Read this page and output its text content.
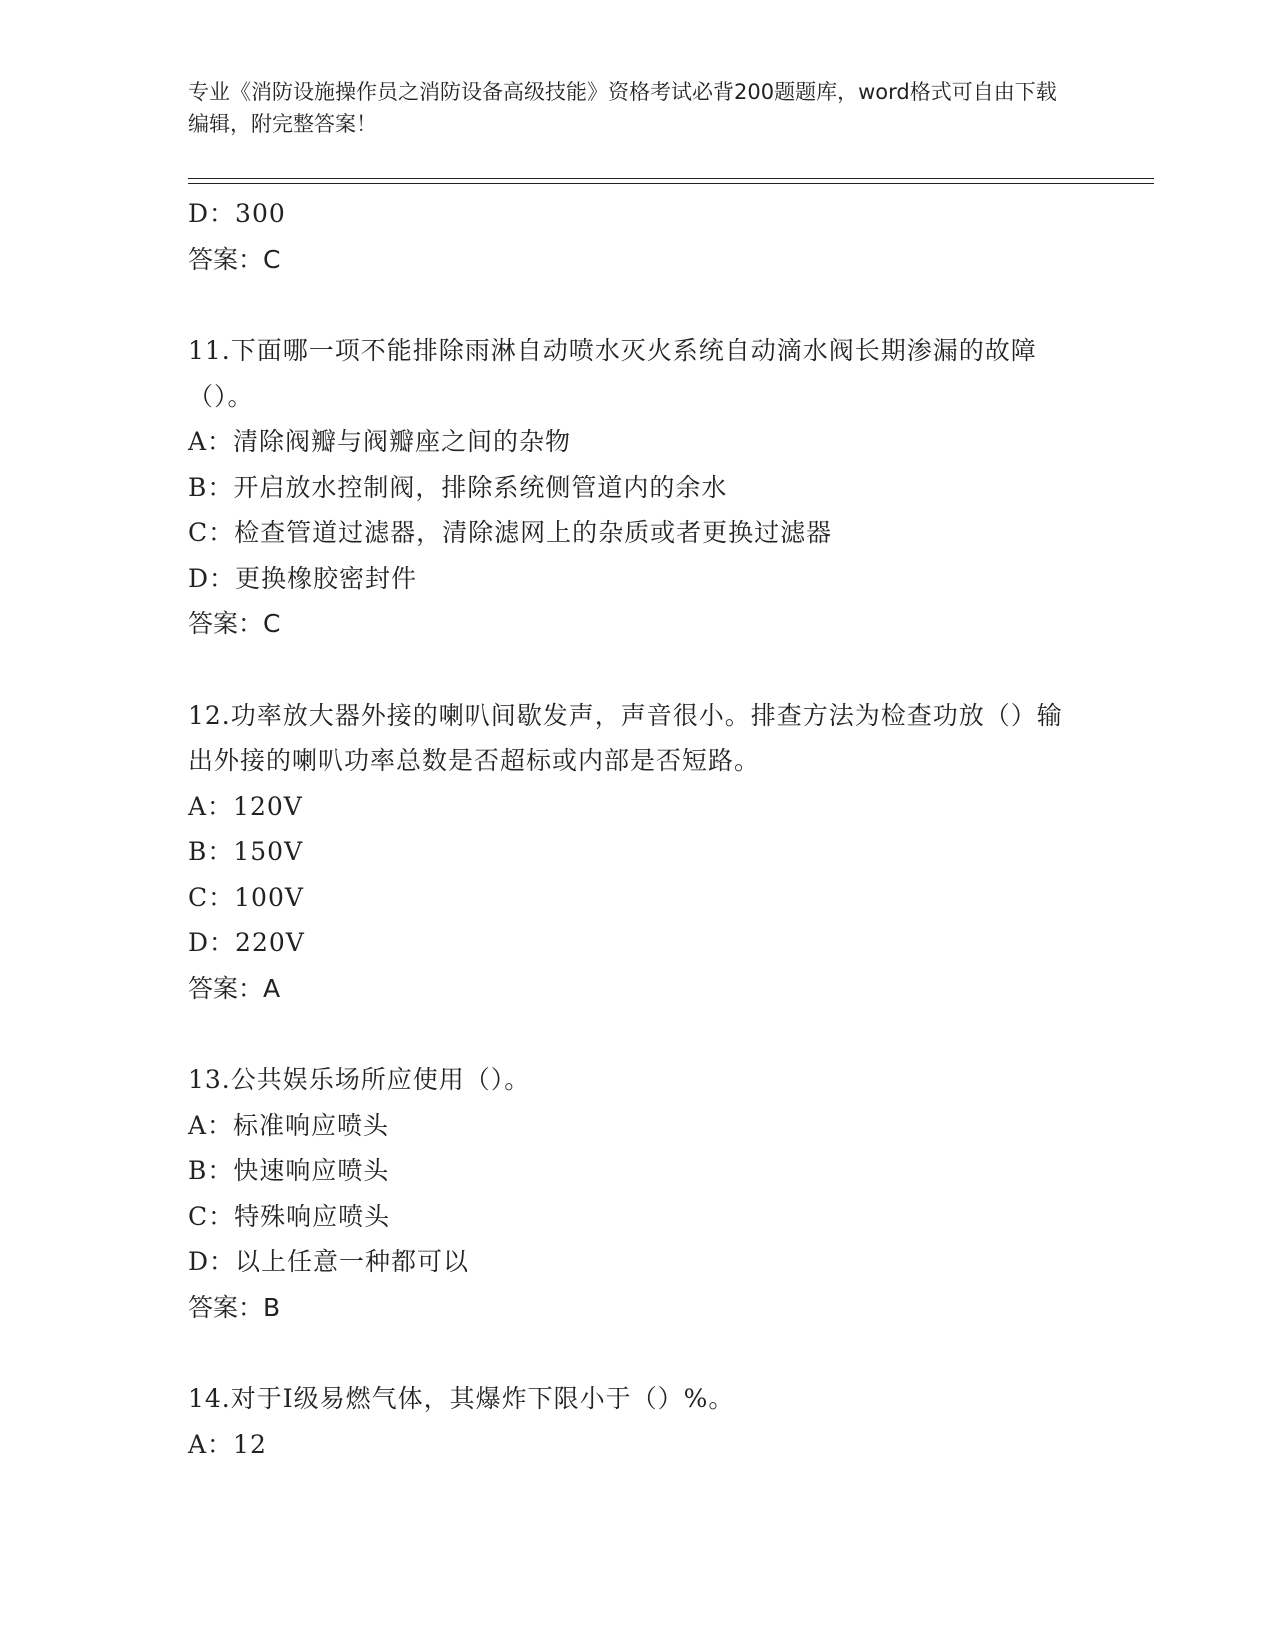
专业《消防设施操作员之消防设备高级技能》资格考试必背200题题库，word格式可自由下载编辑，附完整答案！
D：300
答案：C
11.下面哪一项不能排除雨淋自动喷水灭火系统自动滴水阀长期渗漏的故障（）。
A：清除阀瓣与阀瓣座之间的杂物
B：开启放水控制阀，排除系统侧管道内的余水
C：检查管道过滤器，清除滤网上的杂质或者更换过滤器
D：更换橡胶密封件
答案：C
12.功率放大器外接的喇叭间歇发声，声音很小。排查方法为检查功放（）输出外接的喇叭功率总数是否超标或内部是否短路。
A：120V
B：150V
C：100V
D：220V
答案：A
13.公共娱乐场所应使用（）。
A：标准响应喷头
B：快速响应喷头
C：特殊响应喷头
D：以上任意一种都可以
答案：B
14.对于Ⅰ级易燃气体，其爆炸下限小于（）%。
A：12
